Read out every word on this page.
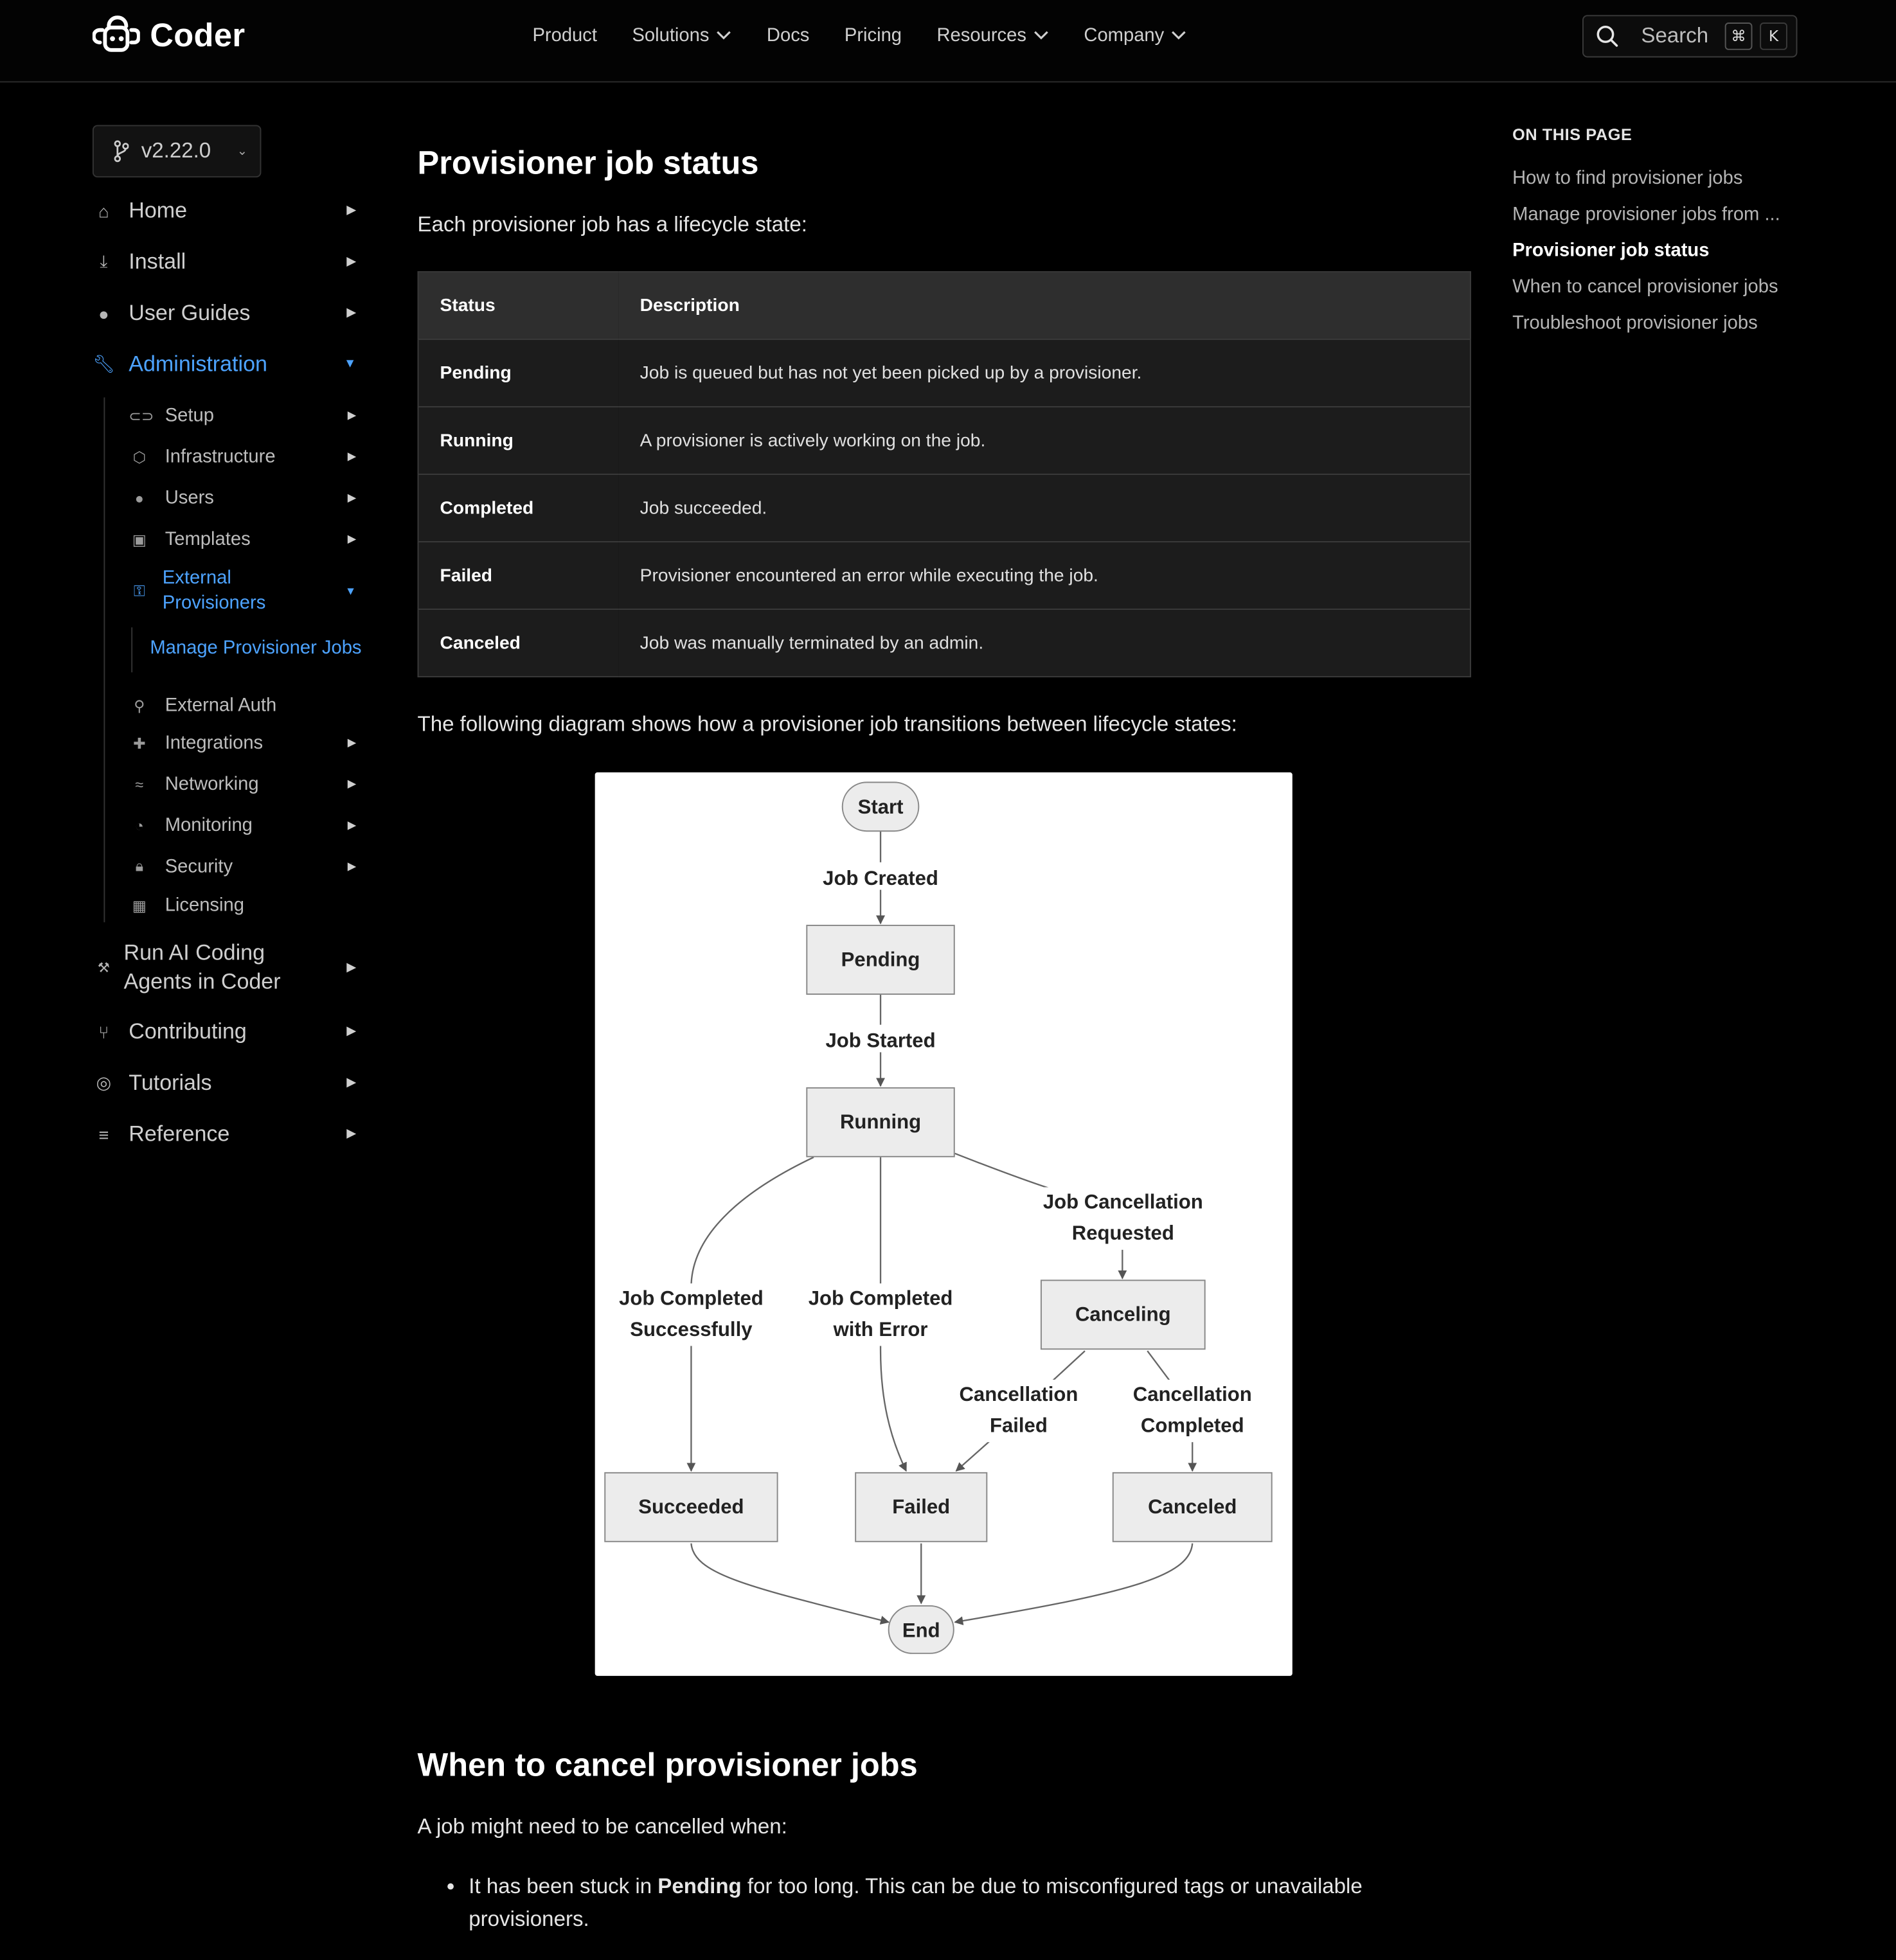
Coder	Product	Solutions	Docs	Pricing	Resources	Company	Search	⌘	K
v2.22.0	⌄
⌂	Home	▶
⤓	Install	▶
●	User Guides	▶
🔧︎ Administration	▼
⊂⊃ Setup	▶
⬡	Infrastructure	▶
●	Users	▶
▣	Templates	▶
⚿
External Provisioners
▼
Manage Provisioner Jobs
⚲	External Auth
✚	Integrations	▶
≈	Networking	▶
◔	Monitoring	▶
🔒︎	Security	▶
▦	Licensing
⚒
Run AI Coding Agents in Coder
▶
⑂	Contributing	▶
◎	Tutorials	▶
≡	Reference	▶
Provisioner job status

Each provisioner job has a lifecycle state:

Status	Description
Pending	Job is queued but has not yet been picked up by a provisioner.
Running	A provisioner is actively working on the job.
Completed	Job succeeded.
Failed	Provisioner encountered an error while executing the job.
Canceled	Job was manually terminated by an admin.

The following diagram shows how a provisioner job transitions between lifecycle states:

Start
Pending
Running
Canceling
Succeeded	Failed	Canceled
End
Job Created
Job Started
Job Completed
Successfully
Job Completed
with Error
Job Cancellation
Requested
Cancellation
Failed
Cancellation
Completed
When to cancel provisioner jobs

A job might need to be cancelled when:

• It has been stuck in Pending for too long. This can be due to misconfigured tags or unavailable provisioners.
ON THIS PAGE
How to find provisioner jobs
Manage provisioner jobs from ...
Provisioner job status
When to cancel provisioner jobs
Troubleshoot provisioner jobs
